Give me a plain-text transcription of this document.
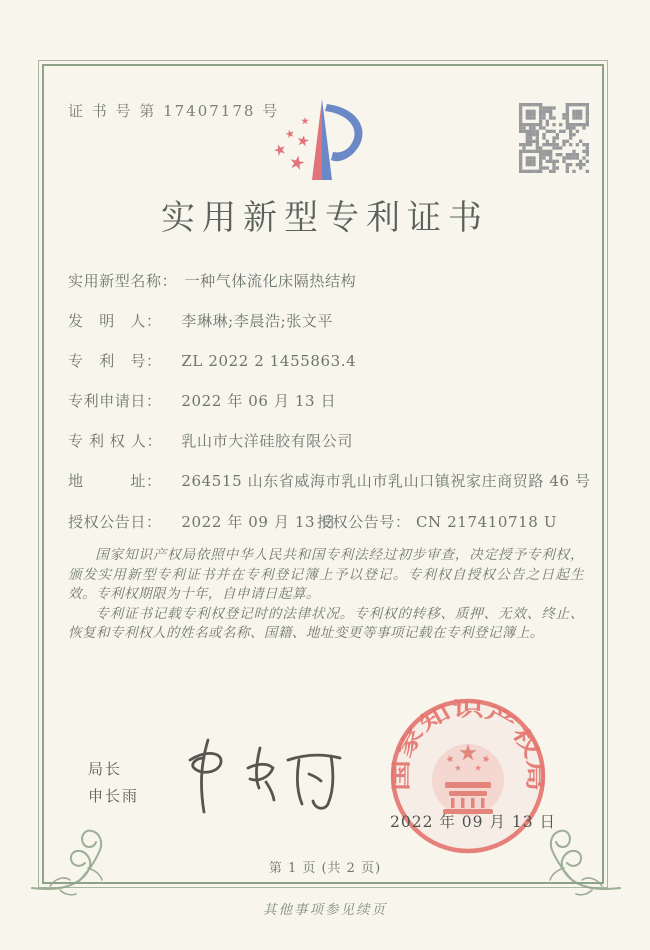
证 书 号 第 17407178 号
实用新型专利证书
实用新型名称： 一种气体流化床隔热结构
发　明　人： 李琳琳;李晨浩;张文平
专　利　号： ZL 2022 2 1455863.4
专利申请日： 2022 年 06 月 13 日
专 利 权 人： 乳山市大洋硅胶有限公司
地　　　址： 264515 山东省威海市乳山市乳山口镇祝家庄商贸路 46 号
授权公告日： 2022 年 09 月 13 日
授权公告号： CN 217410718 U

国家知识产权局依照中华人民共和国专利法经过初步审查，决定授予专利权，颁发实用新型专利证书并在专利登记簿上予以登记。专利权自授权公告之日起生效。专利权期限为十年，自申请日起算。

专利证书记载专利权登记时的法律状况。专利权的转移、质押、无效、终止、恢复和专利权人的姓名或名称、国籍、地址变更等事项记载在专利登记簿上。

局长
申长雨
国家知识产权局
2022 年 09 月 13 日
第 1 页 (共 2 页)
其他事项参见续页
